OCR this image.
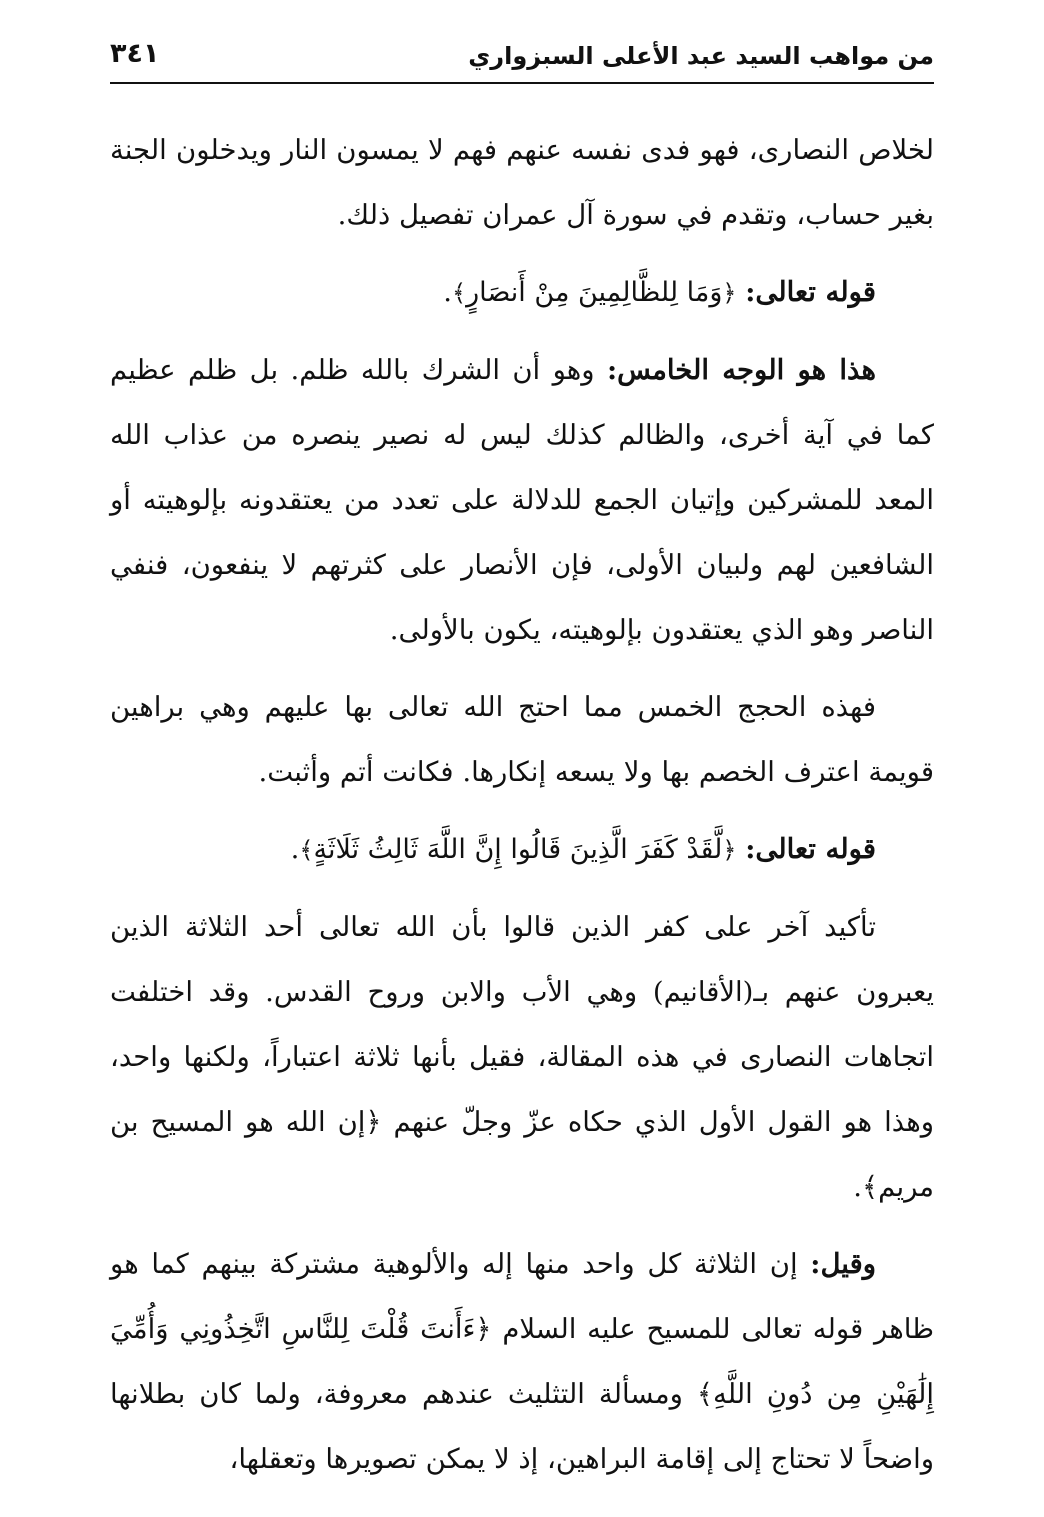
من مواهب السيد عبد الأعلى السبزواري
٣٤١

لخلاص النصارى، فهو فدى نفسه عنهم فهم لا يمسون النار ويدخلون الجنة بغير حساب، وتقدم في سورة آل عمران تفصيل ذلك.

قوله تعالى: ﴿وَمَا لِلظَّالِمِينَ مِنْ أَنصَارٍ﴾.

هذا هو الوجه الخامس: وهو أن الشرك بالله ظلم. بل ظلم عظيم كما في آية أخرى، والظالم كذلك ليس له نصير ينصره من عذاب الله المعد للمشركين وإتيان الجمع للدلالة على تعدد من يعتقدونه بإلوهيته أو الشافعين لهم ولبيان الأولى، فإن الأنصار على كثرتهم لا ينفعون، فنفي الناصر وهو الذي يعتقدون بإلوهيته، يكون بالأولى.

فهذه الحجج الخمس مما احتج الله تعالى بها عليهم وهي براهين قويمة اعترف الخصم بها ولا يسعه إنكارها. فكانت أتم وأثبت.

قوله تعالى: ﴿لَّقَدْ كَفَرَ الَّذِينَ قَالُوا إِنَّ اللَّهَ ثَالِثُ ثَلَاثَةٍ﴾.

تأكيد آخر على كفر الذين قالوا بأن الله تعالى أحد الثلاثة الذين يعبرون عنهم بـ(الأقانيم) وهي الأب والابن وروح القدس. وقد اختلفت اتجاهات النصارى في هذه المقالة، فقيل بأنها ثلاثة اعتباراً، ولكنها واحد، وهذا هو القول الأول الذي حكاه عزّ وجلّ عنهم ﴿إن الله هو المسيح بن مريم﴾.

وقيل: إن الثلاثة كل واحد منها إله والألوهية مشتركة بينهم كما هو ظاهر قوله تعالى للمسيح عليه السلام ﴿ءَأَنتَ قُلْتَ لِلنَّاسِ اتَّخِذُونِي وَأُمِّيَ إِلَٰهَيْنِ مِن دُونِ اللَّهِ﴾ ومسألة التثليث عندهم معروفة، ولما كان بطلانها واضحاً لا تحتاج إلى إقامة البراهين، إذ لا يمكن تصويرها وتعقلها،
